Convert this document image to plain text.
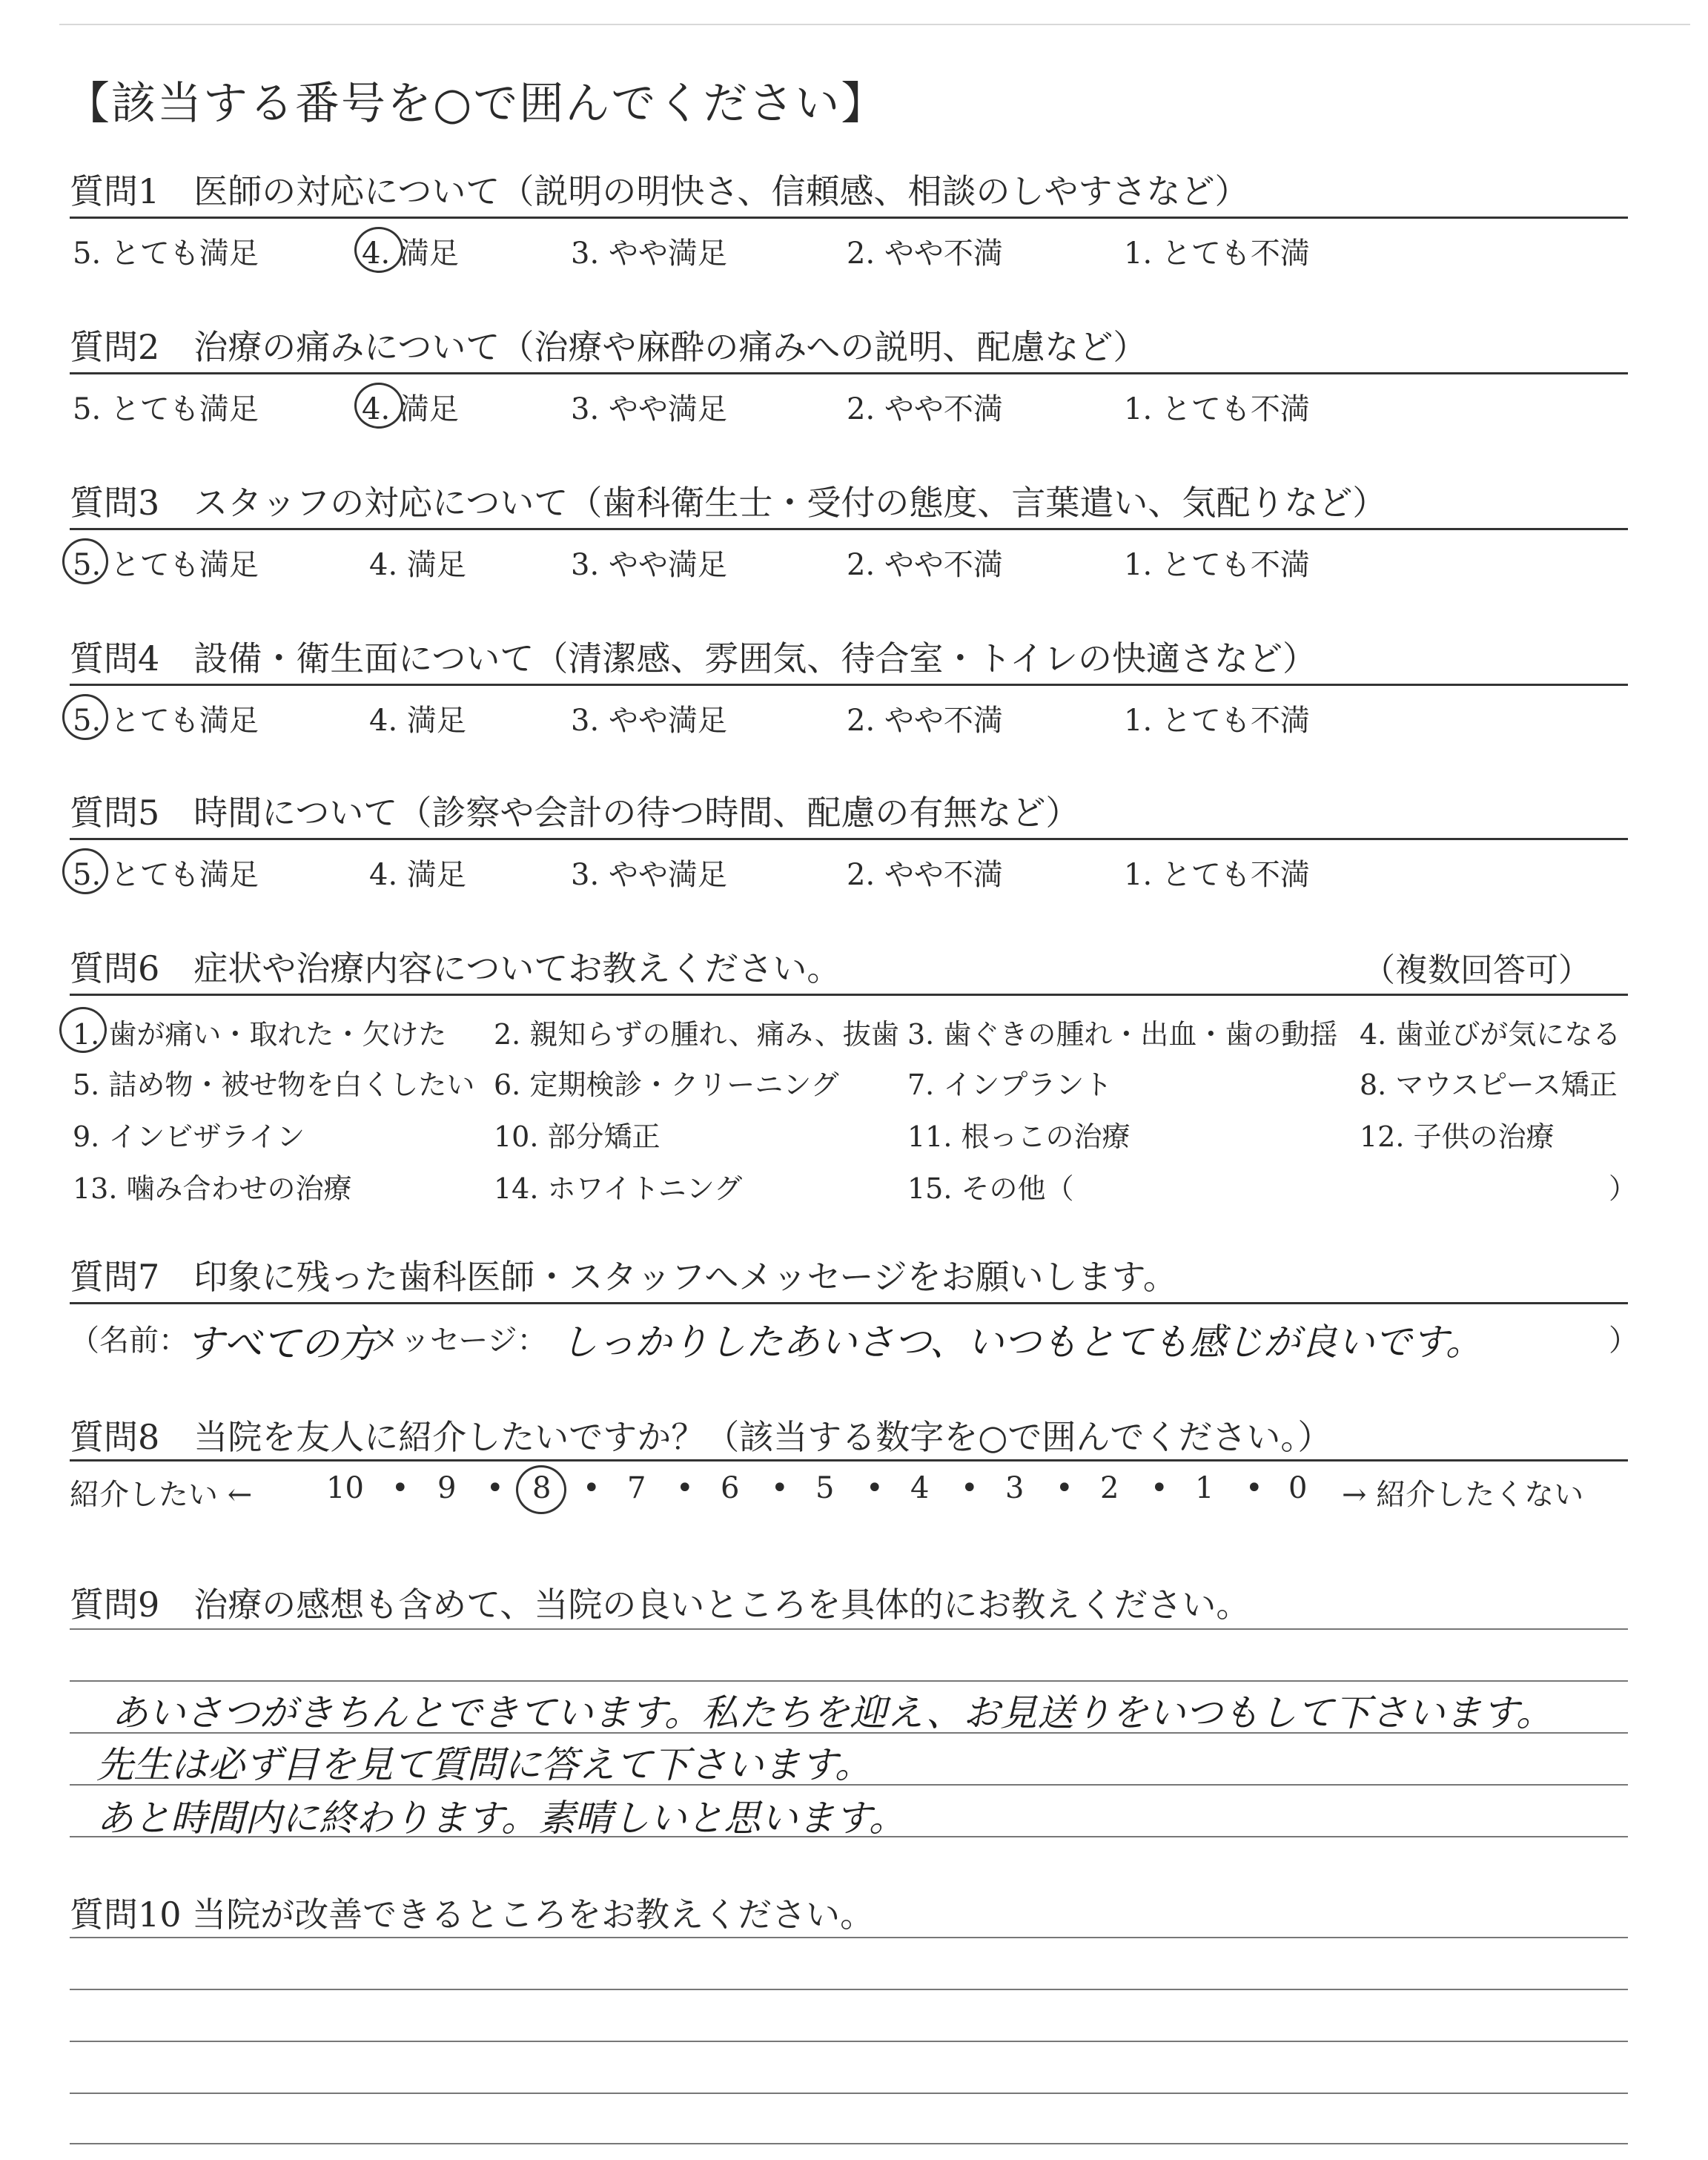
【該当する番号を○で囲んでください】
質問1　医師の対応について（説明の明快さ、信頼感、相談のしやすさなど）
5. とても満足	4. 満足	3. やや満足	2. やや不満	1. とても不満
質問2　治療の痛みについて（治療や麻酔の痛みへの説明、配慮など）
5. とても満足	4. 満足	3. やや満足	2. やや不満	1. とても不満
質問3　スタッフの対応について（歯科衛生士・受付の態度、言葉遣い、気配りなど）
5. とても満足	4. 満足	3. やや満足	2. やや不満	1. とても不満
質問4　設備・衛生面について（清潔感、雰囲気、待合室・トイレの快適さなど）
5. とても満足	4. 満足	3. やや満足	2. やや不満	1. とても不満
質問5　時間について（診察や会計の待つ時間、配慮の有無など）
5. とても満足	4. 満足	3. やや満足	2. やや不満	1. とても不満
質問6　症状や治療内容についてお教えください。	（複数回答可）
1. 歯が痛い・取れた・欠けた 2. 親知らずの腫れ、痛み、抜歯 3. 歯ぐきの腫れ・出血・歯の動揺 4. 歯並びが気になる
5. 詰め物・被せ物を白くしたい 6. 定期検診・クリーニング 7. インプラント	8. マウスピース矯正
9. インビザライン	10. 部分矯正	11. 根っこの治療	12. 子供の治療
13. 噛み合わせの治療	14. ホワイトニング	15. その他（	）
質問7　印象に残った歯科医師・スタッフへメッセージをお願いします。
（名前：
すべての方
メッセージ： しっかりしたあいさつ、いつもとても感じが良いです。	）
質問8　当院を友人に紹介したいですか？（該当する数字を○で囲んでください。）
紹介したい ← 10 • 9 • 8 • 7 • 6 • 5 • 4 • 3 • 2 • 1 • 0 → 紹介したくない
質問9　治療の感想も含めて、当院の良いところを具体的にお教えください。
あいさつがきちんとできています。私たちを迎え、お見送りをいつもして下さいます。
先生は必ず目を見て質問に答えて下さいます。
あと時間内に終わります。素晴しいと思います。
質問10 当院が改善できるところをお教えください。
